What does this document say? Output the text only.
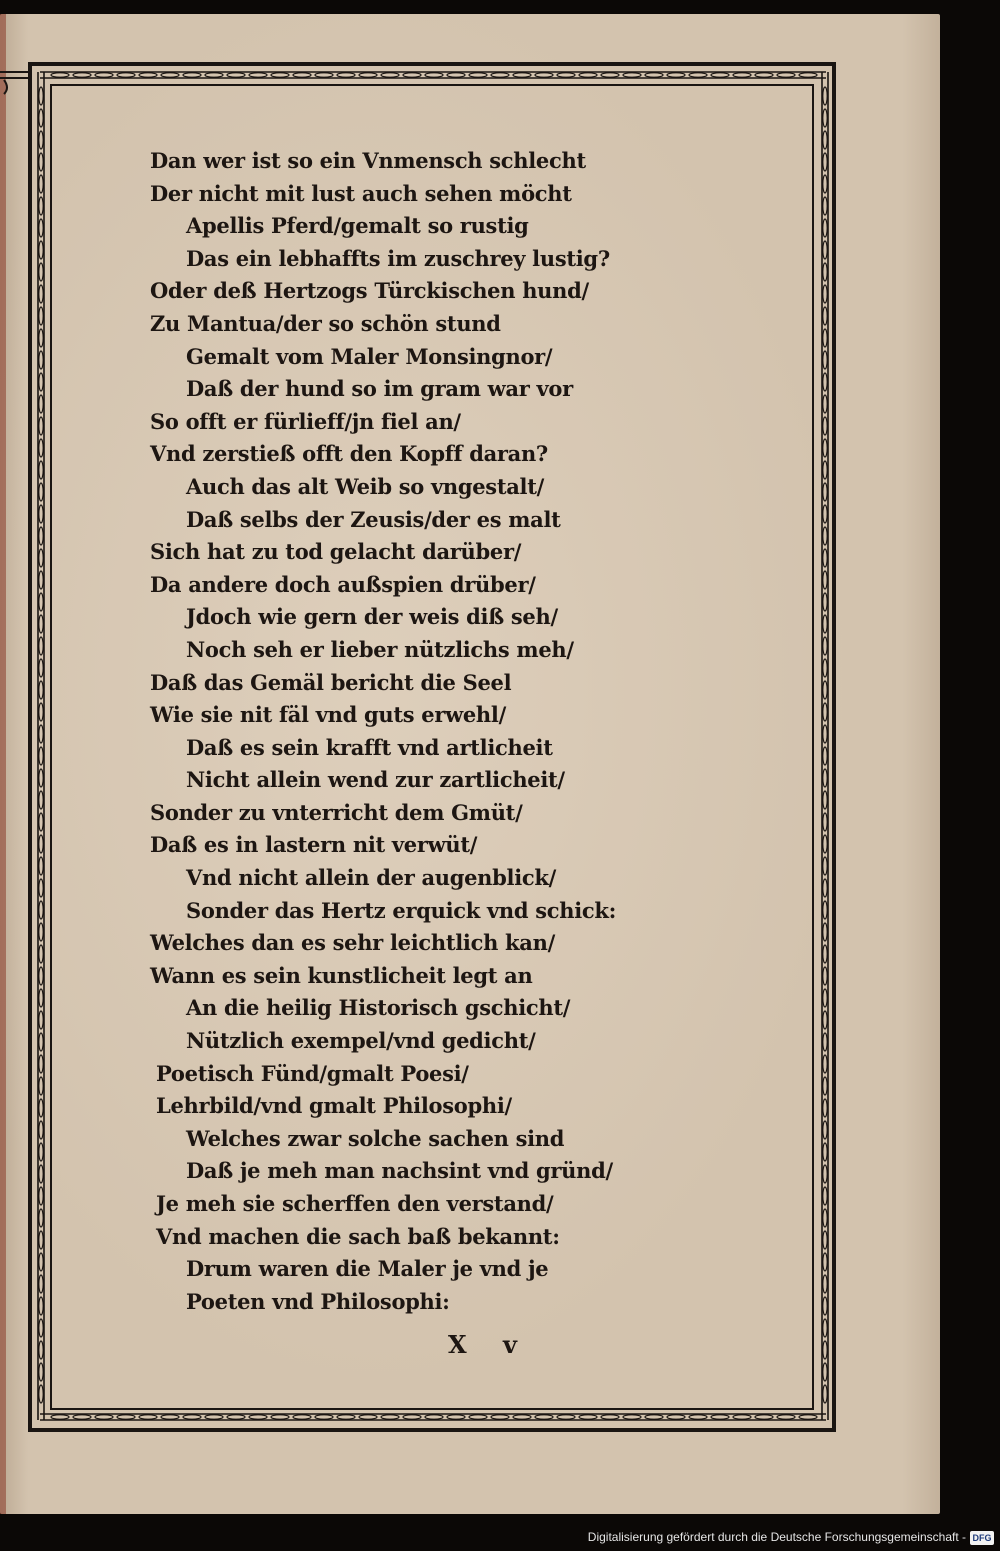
Dan wer ist so ein Vnmensch schlecht
Der nicht mit lust auch sehen möcht
Apellis Pferd/gemalt so rustig
Das ein lebhaffts im zuschrey lustig?
Oder deß Hertzogs Türckischen hund/
Zu Mantua/der so schön stund
Gemalt vom Maler Monsingnor/
Daß der hund so im gram war vor
So offt er fürlieff/jn fiel an/
Vnd zerstieß offt den Kopff daran?
Auch das alt Weib so vngestalt/
Daß selbs der Zeusis/der es malt
Sich hat zu tod gelacht darüber/
Da andere doch außspien drüber/
Jdoch wie gern der weis diß seh/
Noch seh er lieber nützlichs meh/
Daß das Gemäl bericht die Seel
Wie sie nit fäl vnd guts erwehl/
Daß es sein krafft vnd artlicheit
Nicht allein wend zur zartlicheit/
Sonder zu vnterricht dem Gmüt/
Daß es in lastern nit verwüt/
Vnd nicht allein der augenblick/
Sonder das Hertz erquick vnd schick:
Welches dan es sehr leichtlich kan/
Wann es sein kunstlicheit legt an
An die heilig Historisch gschicht/
Nützlich exempel/vnd gedicht/
Poetisch Fünd/gmalt Poesi/
Lehrbild/vnd gmalt Philosophi/
Welches zwar solche sachen sind
Daß je meh man nachsint vnd gründ/
Je meh sie scherffen den verstand/
Vnd machen die sach baß bekannt:
Drum waren die Maler je vnd je
Poeten vnd Philosophi:
X v
Digitalisierung gefördert durch die Deutsche Forschungsgemeinschaft - DFG
